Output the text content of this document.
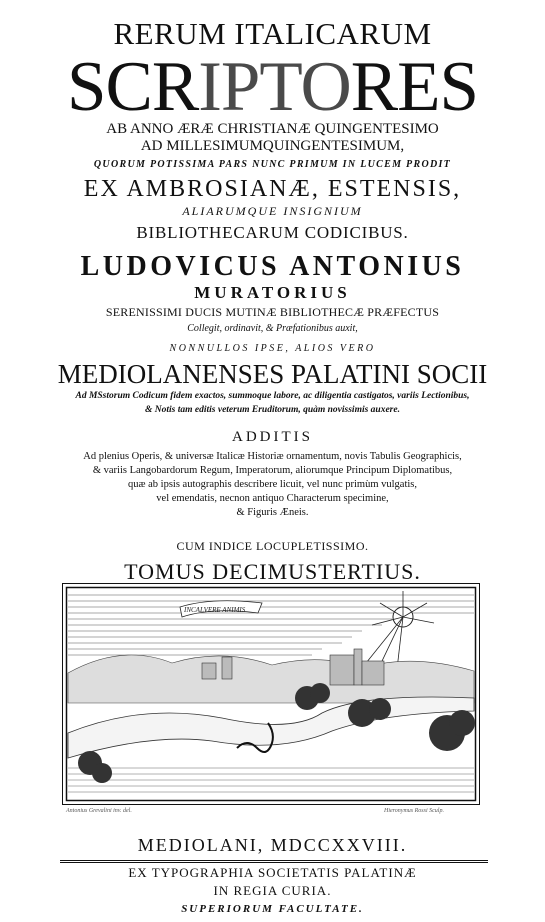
RERUM ITALICARUM
SCRIPTORES
AB ANNO ÆRÆ CHRISTIANÆ QUINGENTESIMO
AD MILLESIMUMQUINGENTESIMUM,
QUORUM POTISSIMA PARS NUNC PRIMUM IN LUCEM PRODIT
EX AMBROSIANÆ, ESTENSIS,
ALIARUMQUE INSIGNIUM
BIBLIOTHECARUM CODICIBUS.
LUDOVICUS ANTONIUS
MURATORIUS
SERENISSIMI DUCIS MUTINÆ BIBLIOTHECÆ PRÆFECTUS
Collegit, ordinavit, & Præfationibus auxit,
NONNULLOS IPSE, ALIOS VERO
MEDIOLANENSES PALATINI SOCII
Ad MSstorum Codicum fidem exactos, summoque labore, ac diligentia castigatos, variis Lectionibus,
& Notis tam editis veterum Eruditorum, quàm novissimis auxere.
ADDITIS
Ad plenius Operis, & universæ Italicæ Historiæ ornamentum, novis Tabulis Geographicis,
& variis Langobardorum Regum, Imperatorum, aliorumque Principum Diplomatibus,
quæ ab ipsis autographis describere licuit, vel nunc primùm vulgatis,
vel emendatis, necnon antiquo Characterum specimine,
& Figuris Æneis.
CUM INDICE LOCUPLETISSIMO.
TOMUS DECIMUSTERTIUS.
INCALVERE ANIMIS
Antonius Grevalini inv. del.	Hieronymus Rossi Sculp.
MEDIOLANI, MDCCXXVIII.
EX TYPOGRAPHIA SOCIETATIS PALATINÆ
IN REGIA CURIA.
SUPERIORUM FACULTATE.
